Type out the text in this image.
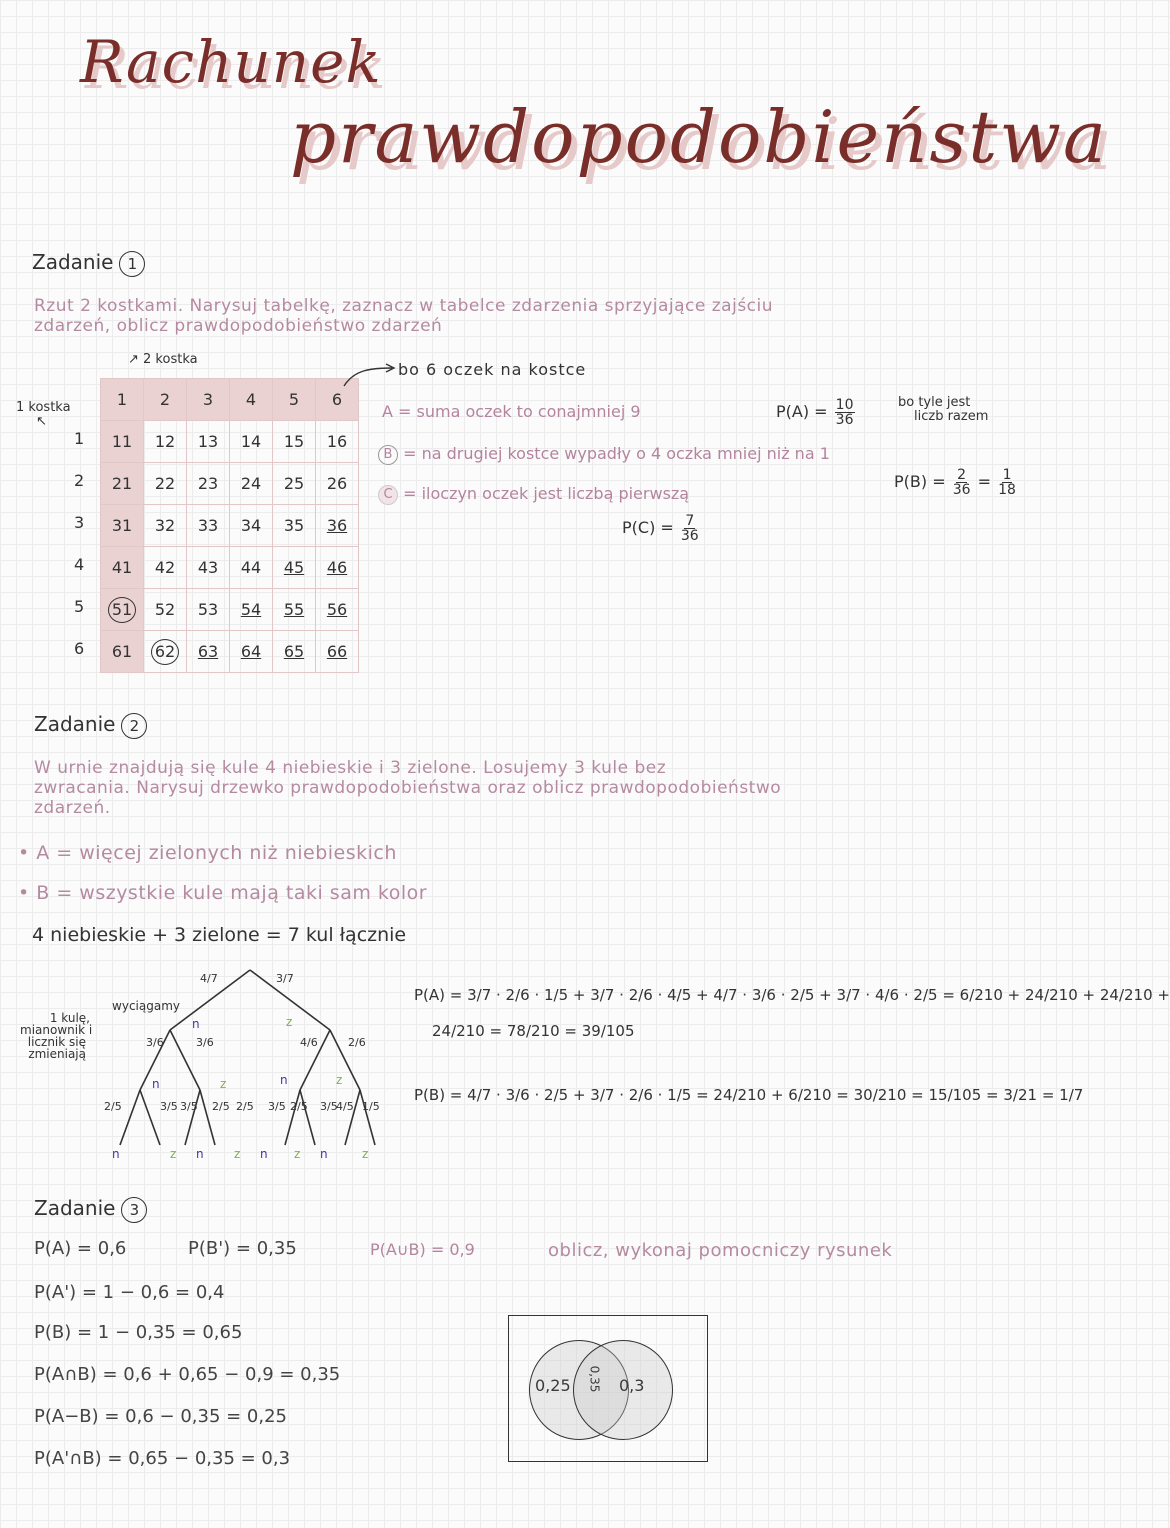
Rachunek
prawdopodobieństwa
Zadanie 1
Rzut 2 kostkami. Narysuj tabelkę, zaznacz w tabelce zdarzenia sprzyjające zajściu
zdarzeń, oblicz prawdopodobieństwo zdarzeń
↗ 2 kostka
1 kostka
↖
1
2
3
4
5
6
1	2	3	4	5	6
11	12	13	14	15	16
21	22	23	24	25	26
31	32	33	34	35	36
41	42	43	44	45	46
51	52	53	54	55	56
61	62	63	64	65	66
bo 6 oczek na kostce
A = suma oczek to conajmniej 9	$P(A) = \frac{10}{36}$	bo tyle jest
liczb razem
B = na drugiej kostce wypadły o 4 oczka mniej niż na 1
$P(B) = \frac{2}{36} = \frac{1}{18}$
C = iloczyn oczek jest liczbą pierwszą
$P(C) = \frac{7}{36}$
Zadanie 2
W urnie znajdują się kule 4 niebieskie i 3 zielone. Losujemy 3 kule bez
zwracania. Narysuj drzewko prawdopodobieństwa oraz oblicz prawdopodobieństwo
zdarzeń.
• A = więcej zielonych niż niebieskich
• B = wszystkie kule mają taki sam kolor
4 niebieskie + 3 zielone = 7 kul łącznie
wyciągamy
1 kulę,
mianownik i
licznik się
zmieniają
4/7	3/7
3/6	3/6	4/6	2/6
2/5	3/5 3/5 2/5 2/5 3/5 2/5 3/5
4/5 1/5
n	z
n	z	n	z
n	z n	z n z n	z
P(A) = 3/7 · 2/6 · 1/5 + 3/7 · 2/6 · 4/5 + 4/7 · 3/6 · 2/5 + 3/7 · 4/6 · 2/5 = 6/210 + 24/210 + 24/210 +
24/210 = 78/210 = 39/105
P(B) = 4/7 · 3/6 · 2/5 + 3/7 · 2/6 · 1/5 = 24/210 + 6/210 = 30/210 = 15/105 = 3/21 = 1/7
Zadanie 3
P(A) = 0,6	P(B') = 0,35	P(A∪B) = 0,9	oblicz, wykonaj pomocniczy rysunek
P(A') = 1 − 0,6 = 0,4
P(B) = 1 − 0,35 = 0,65
P(A∩B) = 0,6 + 0,65 − 0,9 = 0,35
P(A−B) = 0,6 − 0,35 = 0,25
P(A'∩B) = 0,65 − 0,35 = 0,3
0,25 0,35 0,3
